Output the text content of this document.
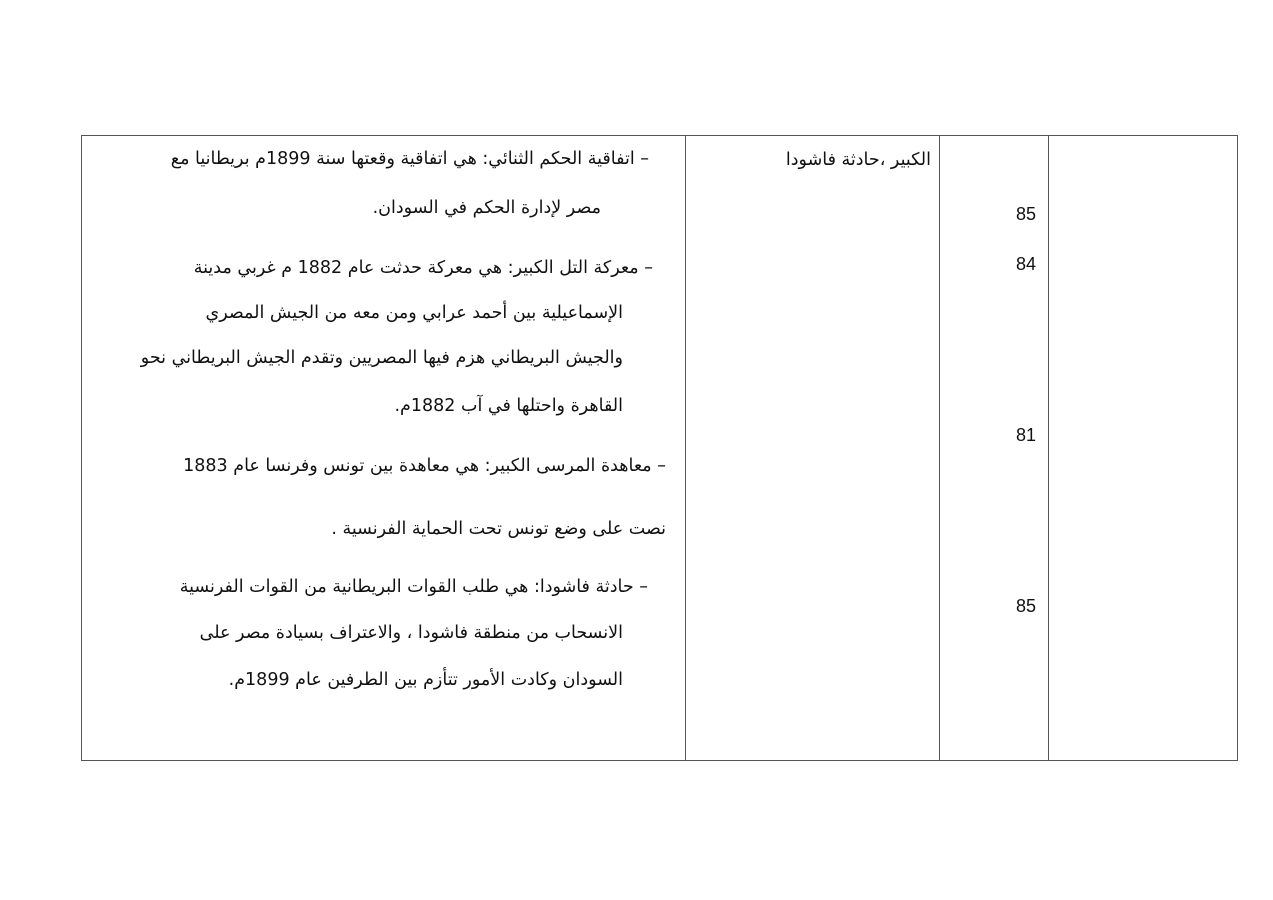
– اتفاقية الحكم الثنائي: هي اتفاقية وقعتها سنة 1899م بريطانيا مع
مصر لإدارة الحكم في السودان.
– معركة التل الكبير: هي معركة حدثت عام 1882 م غربي مدينة
الإسماعيلية بين أحمد عرابي ومن معه من الجيش المصري
والجيش البريطاني هزم فيها المصريين وتقدم الجيش البريطاني نحو
القاهرة واحتلها في آب 1882م.
– معاهدة المرسى الكبير: هي معاهدة بين تونس وفرنسا عام 1883
نصت على وضع تونس تحت الحماية الفرنسية .
– حادثة فاشودا: هي طلب القوات البريطانية من القوات الفرنسية
الانسحاب من منطقة فاشودا ، والاعتراف بسيادة مصر على
السودان وكادت الأمور تتأزم بين الطرفين عام 1899م.
الكبير ،حادثة فاشودا
85
84
81
85
